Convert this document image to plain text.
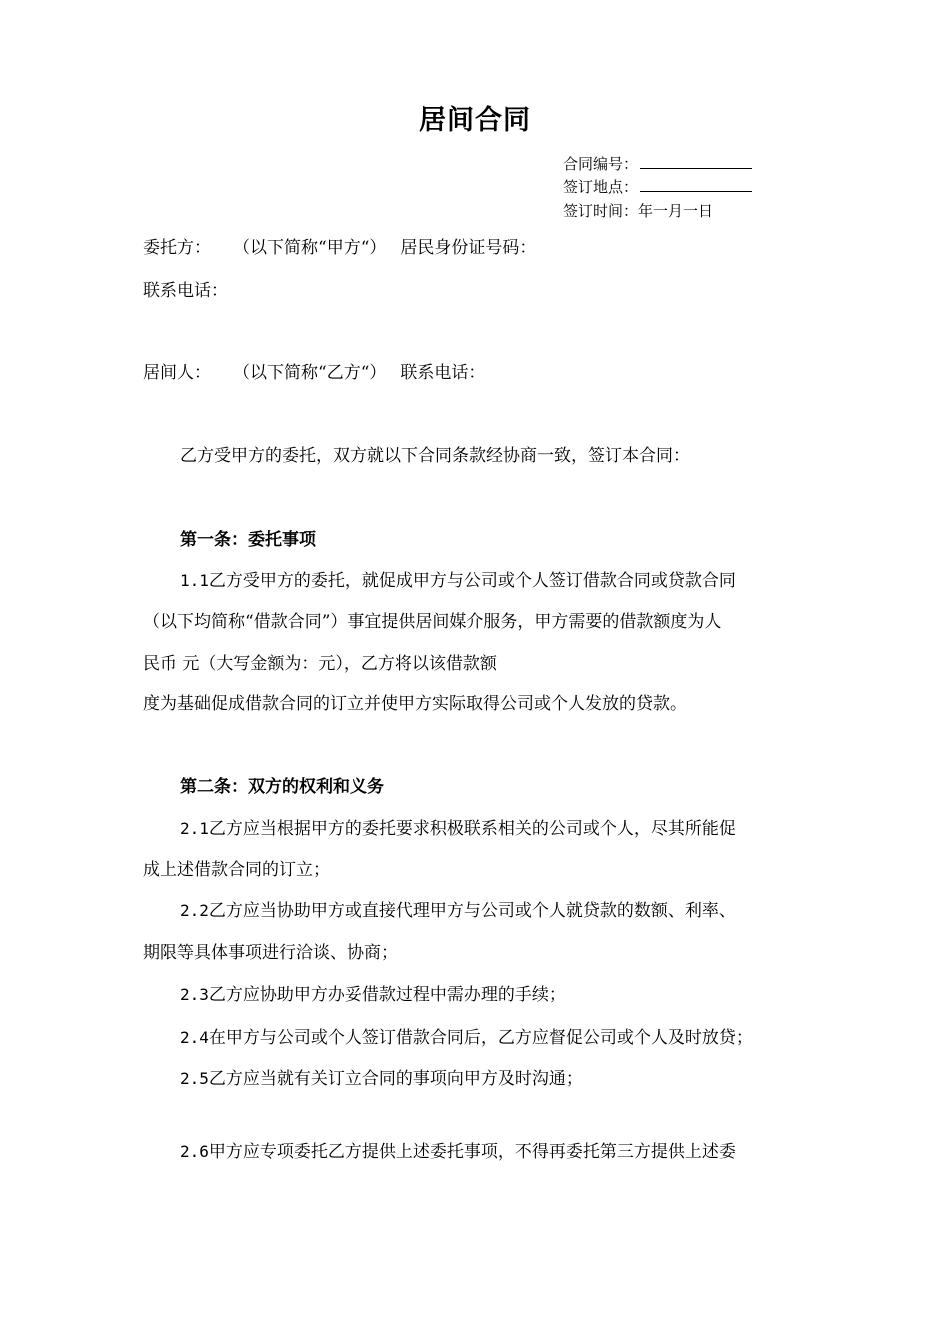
居间合同
合同编号：
签订地点：
签订时间：年一月一日
委托方： （以下简称“甲方“） 居民身份证号码：
联系电话：
居间人： （以下简称“乙方“） 联系电话：
乙方受甲方的委托，双方就以下合同条款经协商一致，签订本合同：
第一条：委托事项
1.1乙方受甲方的委托，就促成甲方与公司或个人签订借款合同或贷款合同
（以下均简称“借款合同”）事宜提供居间媒介服务，甲方需要的借款额度为人
民币 元（大写金额为：元），乙方将以该借款额
度为基础促成借款合同的订立并使甲方实际取得公司或个人发放的贷款。
第二条：双方的权利和义务
2.1乙方应当根据甲方的委托要求积极联系相关的公司或个人，尽其所能促
成上述借款合同的订立；
2.2乙方应当协助甲方或直接代理甲方与公司或个人就贷款的数额、利率、
期限等具体事项进行洽谈、协商；
2.3乙方应协助甲方办妥借款过程中需办理的手续；
2.4在甲方与公司或个人签订借款合同后，乙方应督促公司或个人及时放贷；
2.5乙方应当就有关订立合同的事项向甲方及时沟通；
2.6甲方应专项委托乙方提供上述委托事项，不得再委托第三方提供上述委
